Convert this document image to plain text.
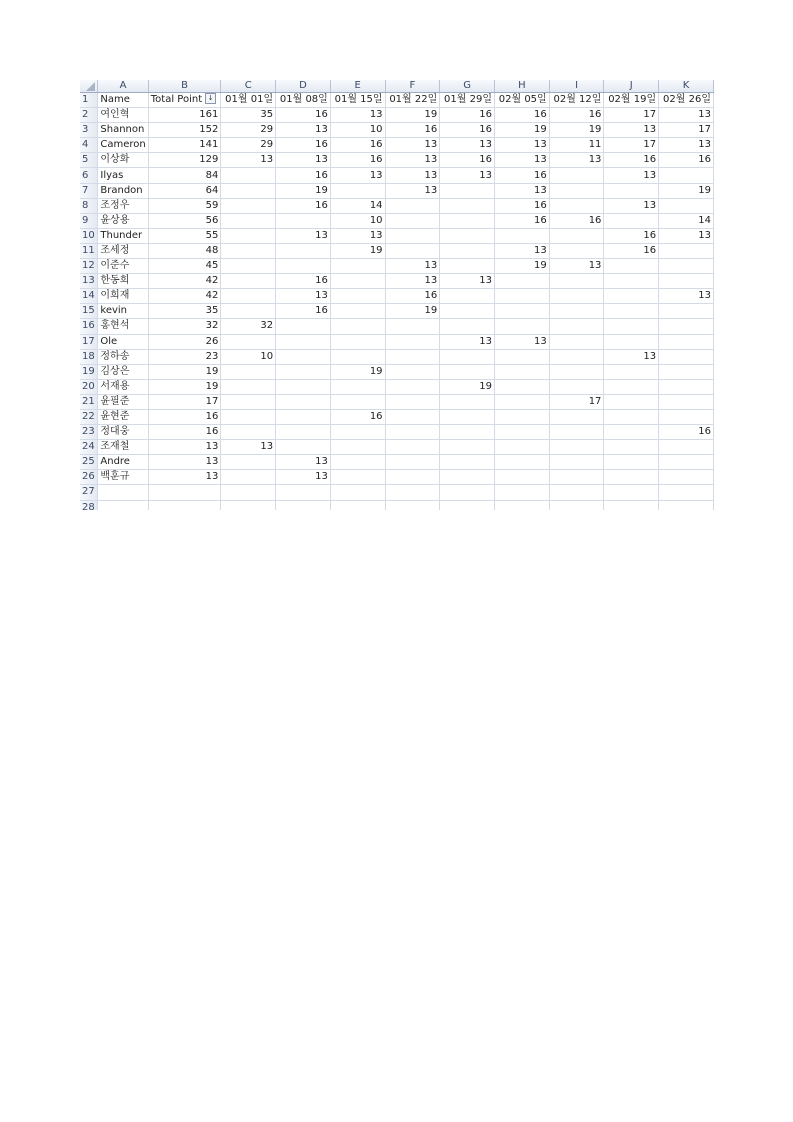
	A	B	C	D	E	F	G	H	I	J	K
1	Name	Total Point ↓	01월 01일	01월 08일	01월 15일	01월 22일	01월 29일	02월 05일	02월 12일	02월 19일	02월 26일
2	여인혁	161	35	16	13	19	16	16	16	17	13
3	Shannon	152	29	13	10	16	16	19	19	13	17
4	Cameron	141	29	16	16	13	13	13	11	17	13
5	이상화	129	13	13	16	13	16	13	13	16	16
6	Ilyas	84		16	13	13	13	16		13	
7	Brandon	64		19		13		13			19
8	조정우	59		16	14			16		13	
9	윤상용	56			10			16	16		14
10	Thunder	55		13	13					16	13
11	조세정	48			19			13		16	
12	이준수	45				13		19	13		
13	한동희	42		16		13	13				
14	이희재	42		13		16					13
15	kevin	35		16		19					
16	홍현석	32	32								
17	Ole	26					13	13			
18	정하송	23	10							13	
19	김상은	19			19						
20	서재용	19					19				
21	윤필준	17							17		
22	윤현준	16			16						
23	정대웅	16									16
24	조재철	13	13								
25	Andre	13		13							
26	백훈규	13		13							
27											
28											
